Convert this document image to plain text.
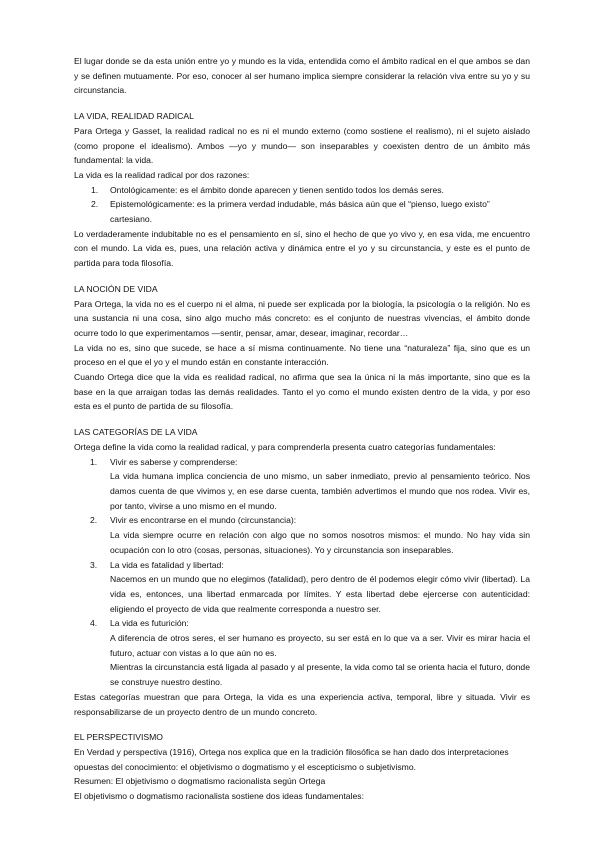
El lugar donde se da esta unión entre yo y mundo es la vida, entendida como el ámbito radical en el que ambos se dan y se definen mutuamente. Por eso, conocer al ser humano implica siempre considerar la relación viva entre su yo y su circunstancia.

LA VIDA, REALIDAD RADICAL

Para Ortega y Gasset, la realidad radical no es ni el mundo externo (como sostiene el realismo), ni el sujeto aislado (como propone el idealismo). Ambos —yo y mundo— son inseparables y coexisten dentro de un ámbito más fundamental: la vida.

La vida es la realidad radical por dos razones:

1. Ontológicamente: es el ámbito donde aparecen y tienen sentido todos los demás seres.
2. Epistemológicamente: es la primera verdad indudable, más básica aún que el “pienso, luego existo” cartesiano.

Lo verdaderamente indubitable no es el pensamiento en sí, sino el hecho de que yo vivo y, en esa vida, me encuentro con el mundo. La vida es, pues, una relación activa y dinámica entre el yo y su circunstancia, y este es el punto de partida para toda filosofía.

LA NOCIÓN DE VIDA

Para Ortega, la vida no es el cuerpo ni el alma, ni puede ser explicada por la biología, la psicología o la religión. No es una sustancia ni una cosa, sino algo mucho más concreto: es el conjunto de nuestras vivencias, el ámbito donde ocurre todo lo que experimentamos —sentir, pensar, amar, desear, imaginar, recordar…

La vida no es, sino que sucede, se hace a sí misma continuamente. No tiene una “naturaleza” fija, sino que es un proceso en el que el yo y el mundo están en constante interacción.

Cuando Ortega dice que la vida es realidad radical, no afirma que sea la única ni la más importante, sino que es la base en la que arraigan todas las demás realidades. Tanto el yo como el mundo existen dentro de la vida, y por eso esta es el punto de partida de su filosofía.

LAS CATEGORÍAS DE LA VIDA

Ortega define la vida como la realidad radical, y para comprenderla presenta cuatro categorías fundamentales:

1. Vivir es saberse y comprenderse:

La vida humana implica conciencia de uno mismo, un saber inmediato, previo al pensamiento teórico. Nos damos cuenta de que vivimos y, en ese darse cuenta, también advertimos el mundo que nos rodea. Vivir es, por tanto, vivirse a uno mismo en el mundo.

2. Vivir es encontrarse en el mundo (circunstancia):

La vida siempre ocurre en relación con algo que no somos nosotros mismos: el mundo. No hay vida sin ocupación con lo otro (cosas, personas, situaciones). Yo y circunstancia son inseparables.

3. La vida es fatalidad y libertad:

Nacemos en un mundo que no elegimos (fatalidad), pero dentro de él podemos elegir cómo vivir (libertad). La vida es, entonces, una libertad enmarcada por límites. Y esta libertad debe ejercerse con autenticidad: eligiendo el proyecto de vida que realmente corresponda a nuestro ser.

4. La vida es futurición:

A diferencia de otros seres, el ser humano es proyecto, su ser está en lo que va a ser. Vivir es mirar hacia el futuro, actuar con vistas a lo que aún no es.

Mientras la circunstancia está ligada al pasado y al presente, la vida como tal se orienta hacia el futuro, donde se construye nuestro destino.

Estas categorías muestran que para Ortega, la vida es una experiencia activa, temporal, libre y situada. Vivir es responsabilizarse de un proyecto dentro de un mundo concreto.

EL PERSPECTIVISMO

En Verdad y perspectiva (1916), Ortega nos explica que en la tradición filosófica se han dado dos interpretaciones opuestas del conocimiento: el objetivismo o dogmatismo y el escepticismo o subjetivismo.

Resumen: El objetivismo o dogmatismo racionalista según Ortega

El objetivismo o dogmatismo racionalista sostiene dos ideas fundamentales:
